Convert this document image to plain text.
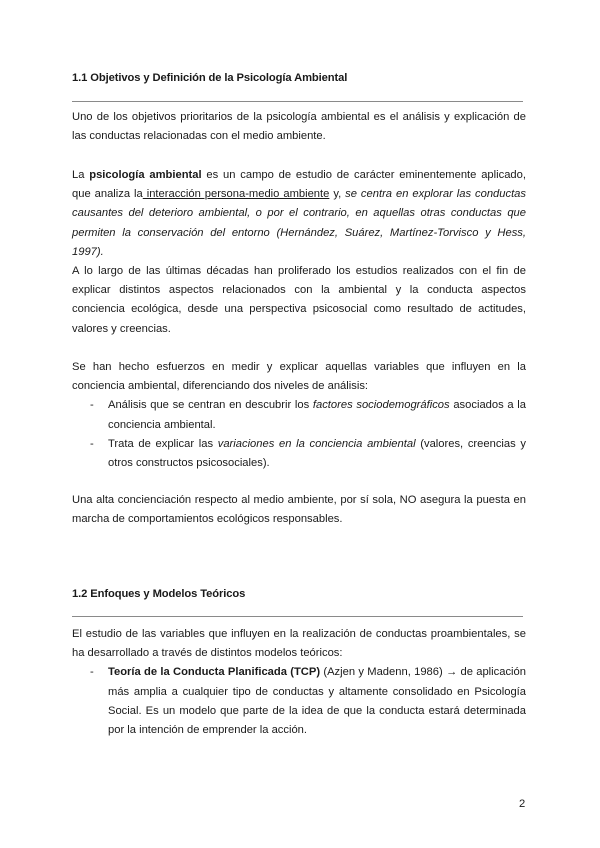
1.1 Objetivos y Definición de la Psicología Ambiental

Uno de los objetivos prioritarios de la psicología ambiental es el análisis y explicación de las conductas relacionadas con el medio ambiente.

La psicología ambiental es un campo de estudio de carácter eminentemente aplicado, que analiza la interacción persona-medio ambiente y, se centra en explorar las conductas causantes del deterioro ambiental, o por el contrario, en aquellas otras conductas que permiten la conservación del entorno (Hernández, Suárez, Martínez-Torvisco y Hess, 1997).

A lo largo de las últimas décadas han proliferado los estudios realizados con el fin de explicar distintos aspectos relacionados con la ambiental y la conducta aspectos conciencia ecológica, desde una perspectiva psicosocial como resultado de actitudes, valores y creencias.

Se han hecho esfuerzos en medir y explicar aquellas variables que influyen en la conciencia ambiental, diferenciando dos niveles de análisis:

- Análisis que se centran en descubrir los factores sociodemográficos asociados a la conciencia ambiental.
- Trata de explicar las variaciones en la conciencia ambiental (valores, creencias y otros constructos psicosociales).

Una alta concienciación respecto al medio ambiente, por sí sola, NO asegura la puesta en marcha de comportamientos ecológicos responsables.

1.2 Enfoques y Modelos Teóricos

El estudio de las variables que influyen en la realización de conductas proambientales, se ha desarrollado a través de distintos modelos teóricos:

- Teoría de la Conducta Planificada (TCP) (Azjen y Madenn, 1986) → de aplicación más amplia a cualquier tipo de conductas y altamente consolidado en Psicología Social. Es un modelo que parte de la idea de que la conducta estará determinada por la intención de emprender la acción.
2
